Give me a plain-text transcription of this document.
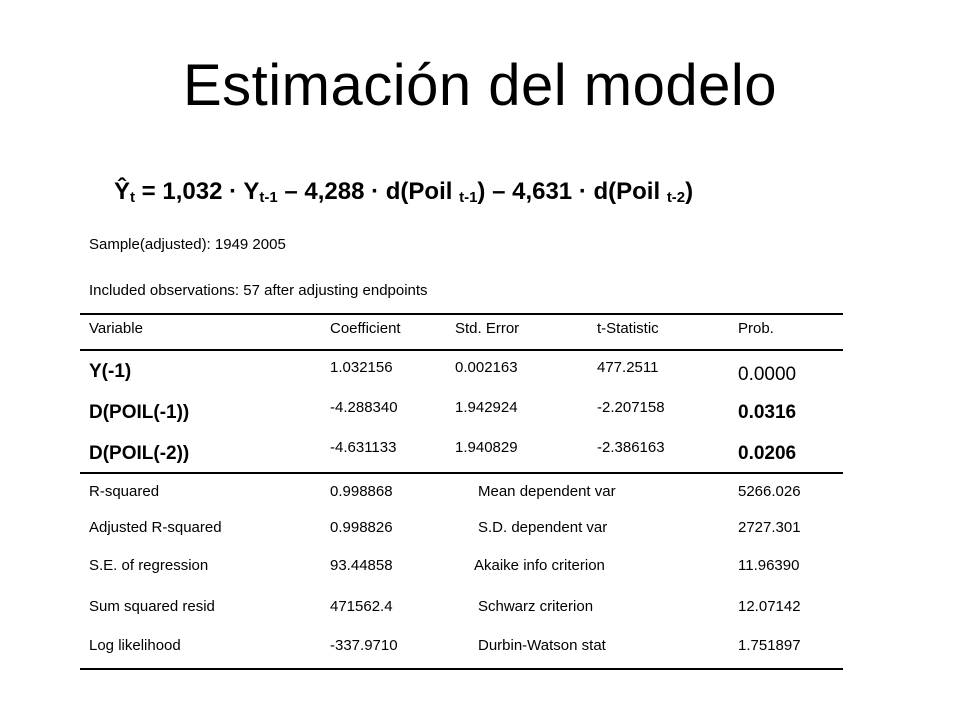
Estimación del modelo
$Ŷ_t = 1,032 \cdot Y_{t-1} - 4,288$ · d(Poil $_{t-1}$) – 4,631 · d(Poil $_{t-2}$)
Sample(adjusted): 1949 2005
Included observations: 57 after adjusting endpoints
Variable	Coefficient	Std. Error	t-Statistic	Prob.
Y(-1)	1.032156	0.002163	477.2511	0.0000
D(POIL(-1))	-4.288340	1.942924	-2.207158	0.0316
D(POIL(-2))	-4.631133	1.940829	-2.386163	0.0206
R-squared	0.998868	Mean dependent var	5266.026
Adjusted R-squared	0.998826	S.D. dependent var	2727.301
S.E. of regression	93.44858	Akaike info criterion	11.96390
Sum squared resid	471562.4	Schwarz criterion	12.07142
Log likelihood	-337.9710	Durbin-Watson stat	1.751897
